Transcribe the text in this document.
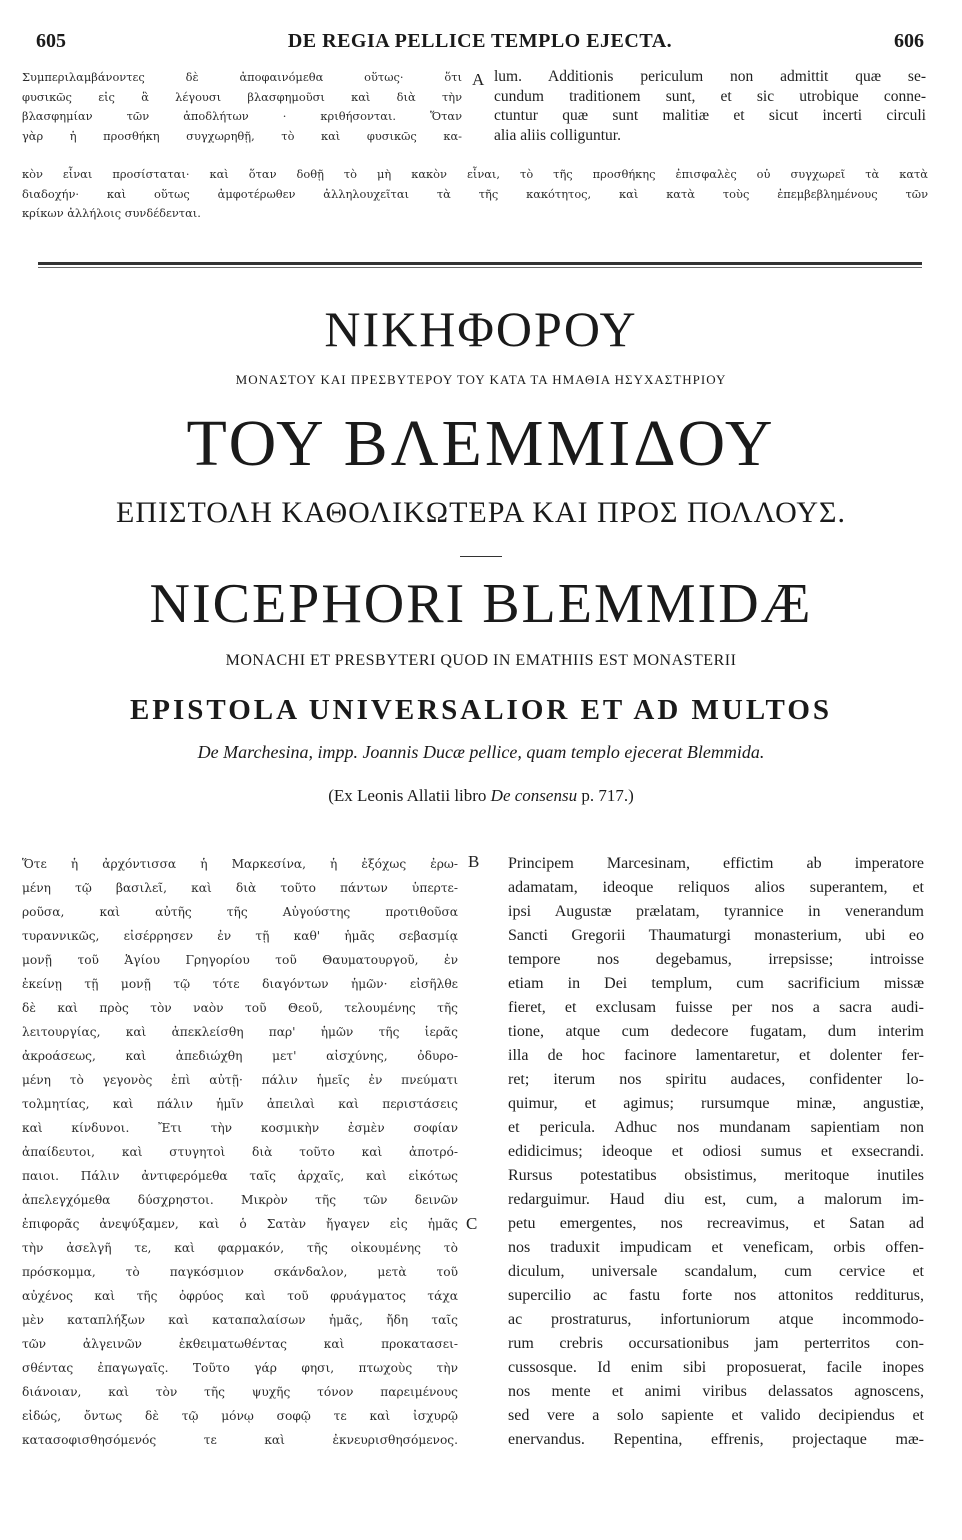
605	DE REGIA PELLICE TEMPLO EJECTA.	606
Συμπεριλαμβάνοντες δὲ ἀποφαινόμεθα οὕτως· ὅτι
φυσικῶς εἰς ἃ λέγουσι βλασφημοῦσι καὶ διὰ τὴν
βλασφημίαν τῶν ἀποδλήτων · κριθήσονται. Ὅταν
γὰρ ἡ προσθήκη συγχωρηθῇ, τὸ καὶ φυσικῶς κα-
A lum. Additionis periculum non admittit quæ se-
cundum traditionem sunt, et sic utrobique conne-
ctuntur quæ sunt malitiæ et sicut incerti circuli
alia aliis colliguntur.
κὸν εἶναι προσίσταται· καὶ ὅταν δοθῇ τὸ μὴ κακὸν εἶναι, τὸ τῆς προσθήκης ἐπισφαλὲς οὐ συγχωρεῖ τὰ κατὰ
διαδοχήν· καὶ οὕτως ἀμφοτέρωθεν ἀλληλουχεῖται τὰ τῆς κακότητος, καὶ κατὰ τοὺς ἐπεμβεβλημένους τῶν
κρίκων ἀλλήλοις συνδέδενται.
ΝΙΚΗΦΟΡΟΥ
ΜΟΝΑΣΤΟΥ ΚΑΙ ΠΡΕΣΒΥΤΕΡΟΥ ΤΟΥ ΚΑΤΑ ΤΑ ΗΜΑΘΙΑ ΗΣΥΧΑΣΤΗΡΙΟΥ
ΤΟΥ ΒΛΕΜΜΙΔΟΥ
ΕΠΙΣΤΟΛΗ ΚΑΘΟΛΙΚΩΤΕΡΑ ΚΑΙ ΠΡΟΣ ΠΟΛΛΟΥΣ.
NICEPHORI BLEMMIDÆ
MONACHI ET PRESBYTERI QUOD IN EMATHIIS EST MONASTERII
EPISTOLA UNIVERSALIOR ET AD MULTOS
De Marchesina, impp. Joannis Ducæ pellice, quam templo ejecerat Blemmida.
(Ex Leonis Allatii libro De consensu p. 717.)
Ὅτε ἡ ἀρχόντισσα ἡ Μαρκεσίνα, ἡ ἐξόχως ἐρω-
μένη τῷ βασιλεῖ, καὶ διὰ τοῦτο πάντων ὑπερτε-
ροῦσα, καὶ αὐτῆς τῆς Αὐγούστης προτιθοῦσα
τυραννικῶς, εἰσέρρησεν ἐν τῇ καθ' ἡμᾶς σεβασμίᾳ
μονῇ τοῦ Ἁγίου Γρηγορίου τοῦ Θαυματουργοῦ, ἐν
ἐκείνῃ τῇ μονῇ τῷ τότε διαγόντων ἡμῶν· εἰσῆλθε
δὲ καὶ πρὸς τὸν ναὸν τοῦ Θεοῦ, τελουμένης τῆς
λειτουργίας, καὶ ἀπεκλείσθη παρ' ἡμῶν τῆς ἱερᾶς
ἀκροάσεως, καὶ ἀπεδιώχθη μετ' αἰσχύνης, ὀδυρο-
μένη τὸ γεγονὸς ἐπὶ αὐτῇ· πάλιν ἡμεῖς ἐν πνεύματι
τολμητίας, καὶ πάλιν ἡμῖν ἀπειλαὶ καὶ περιστάσεις
καὶ κίνδυνοι. Ἔτι τὴν κοσμικὴν ἐσμὲν σοφίαν
ἀπαίδευτοι, καὶ στυγητοὶ διὰ τοῦτο καὶ ἀποτρό-
παιοι. Πάλιν ἀντιφερόμεθα ταῖς ἀρχαῖς, καὶ εἰκότως
ἀπελεγχόμεθα δύσχρηστοι. Μικρὸν τῆς τῶν δεινῶν
ἐπιφορᾶς ἀνεψύξαμεν, καὶ ὁ Σατὰν ἤγαγεν εἰς ἡμᾶς
τὴν ἀσελγῆ τε, καὶ φαρμακόν, τῆς οἰκουμένης τὸ
πρόσκομμα, τὸ παγκόσμιον σκάνδαλον, μετὰ τοῦ
αὐχένος καὶ τῆς ὀφρύος καὶ τοῦ φρυάγματος τάχα
μὲν καταπλήξων καὶ καταπαλαίσων ἡμᾶς, ἤδη ταῖς
τῶν ἀλγεινῶν ἐκθειματωθέντας καὶ προκατασει-
σθέντας ἐπαγωγαῖς. Τοῦτο γάρ φησι, πτωχοὺς τὴν
διάνοιαν, καὶ τὸν τῆς ψυχῆς τόνον παρειμένους
εἰδώς, ὄντως δὲ τῷ μόνῳ σοφῷ τε καὶ ἰσχυρῷ
κατασοφισθησόμενός τε καὶ ἐκνευρισθησόμενος.
B
C
Principem Marcesinam, effictim ab imperatore
adamatam, ideoque reliquos alios superantem, et
ipsi Augustæ prælatam, tyrannice in venerandum
Sancti Gregorii Thaumaturgi monasterium, ubi eo
tempore nos degebamus, irrepsisse; introisse
etiam in Dei templum, cum sacrificium missæ
fieret, et exclusam fuisse per nos a sacra audi-
tione, atque cum dedecore fugatam, dum interim
illa de hoc facinore lamentaretur, et dolenter fer-
ret; iterum nos spiritu audaces, confidenter lo-
quimur, et agimus; rursumque minæ, angustiæ,
et pericula. Adhuc nos mundanam sapientiam non
edidicimus; ideoque et odiosi sumus et exsecrandi.
Rursus potestatibus obsistimus, meritoque inutiles
redarguimur. Haud diu est, cum, a malorum im-
petu emergentes, nos recreavimus, et Satan ad
nos traduxit impudicam et veneficam, orbis offen-
diculum, universale scandalum, cum cervice et
supercilio ac fastu forte nos attonitos redditurus,
ac prostraturus, infortuniorum atque incommodo-
rum crebris occursationibus jam perterritos con-
cussosque. Id enim sibi proposuerat, facile inopes
nos mente et animi viribus delassatos agnoscens,
sed vere a solo sapiente et valido decipiendus et
enervandus. Repentina, effrenis, projectaque mæ-
